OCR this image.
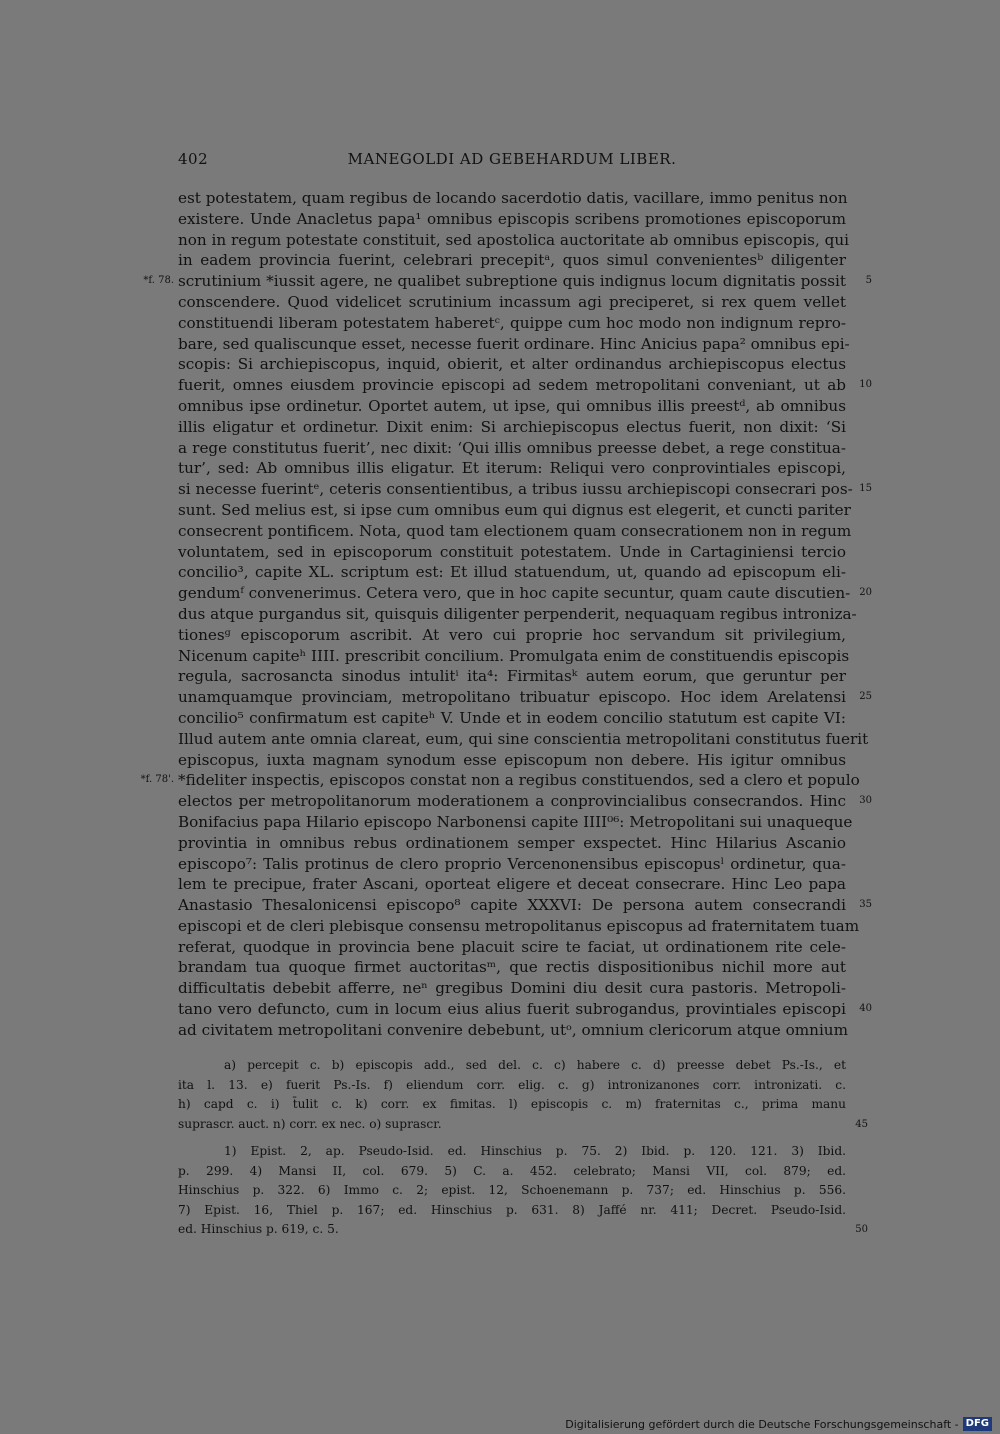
402	MANEGOLDI AD GEBEHARDUM LIBER.
est potestatem, quam regibus de locando sacerdotio datis, vacillare, immo penitus non
existere. Unde Anacletus papa¹ omnibus episcopis scribens promotiones episcoporum
non in regum potestate constituit, sed apostolica auctoritate ab omnibus episcopis, qui
in eadem provincia fuerint, celebrari precepitᵃ, quos simul convenientesᵇ diligenter
scrutinium *iussit agere, ne qualibet subreptione quis indignus locum dignitatis possit	5
*f. 78.
conscendere. Quod videlicet scrutinium incassum agi preciperet, si rex quem vellet
constituendi liberam potestatem haberetᶜ, quippe cum hoc modo non indignum repro-
bare, sed qualiscunque esset, necesse fuerit ordinare. Hinc Anicius papa² omnibus epi-
scopis: Si archiepiscopus, inquid, obierit, et alter ordinandus archiepiscopus electus
fuerit, omnes eiusdem provincie episcopi ad sedem metropolitani conveniant, ut ab	10
omnibus ipse ordinetur. Oportet autem, ut ipse, qui omnibus illis preestᵈ, ab omnibus
illis eligatur et ordinetur. Dixit enim: Si archiepiscopus electus fuerit, non dixit: ‘Si
a rege constitutus fuerit’, nec dixit: ‘Qui illis omnibus preesse debet, a rege constitua-
tur’, sed: Ab omnibus illis eligatur. Et iterum: Reliqui vero conprovintiales episcopi,
si necesse fuerintᵉ, ceteris consentientibus, a tribus iussu archiepiscopi consecrari pos- 15
sunt. Sed melius est, si ipse cum omnibus eum qui dignus est elegerit, et cuncti pariter
consecrent pontificem. Nota, quod tam electionem quam consecrationem non in regum
voluntatem, sed in episcoporum constituit potestatem. Unde in Cartaginiensi tercio
concilio³, capite XL. scriptum est: Et illud statuendum, ut, quando ad episcopum eli-
gendumᶠ convenerimus. Cetera vero, que in hoc capite secuntur, quam caute discutien- 20
dus atque purgandus sit, quisquis diligenter perpenderit, nequaquam regibus introniza-
tionesᵍ episcoporum ascribit. At vero cui proprie hoc servandum sit privilegium,
Nicenum capiteʰ IIII. prescribit concilium. Promulgata enim de constituendis episcopis
regula, sacrosancta sinodus intulitⁱ ita⁴: Firmitasᵏ autem eorum, que geruntur per
unamquamque provinciam, metropolitano tribuatur episcopo. Hoc idem Arelatensi	25
concilio⁵ confirmatum est capiteʰ V. Unde et in eodem concilio statutum est capite VI:
Illud autem ante omnia clareat, eum, qui sine conscientia metropolitani constitutus fuerit
episcopus, iuxta magnam synodum esse episcopum non debere. His igitur omnibus
*fideliter inspectis, episcopos constat non a regibus constituendos, sed a clero et populo
*f. 78'.
electos per metropolitanorum moderationem a conprovincialibus consecrandos. Hinc	30
Bonifacius papa Hilario episcopo Narbonensi capite IIII⁰⁶: Metropolitani sui unaqueque
provintia in omnibus rebus ordinationem semper exspectet. Hinc Hilarius Ascanio
episcopo⁷: Talis protinus de clero proprio Vercenonensibus episcopusˡ ordinetur, qua-
lem te precipue, frater Ascani, oporteat eligere et deceat consecrare. Hinc Leo papa
Anastasio Thesalonicensi episcopo⁸ capite XXXVI: De persona autem consecrandi	35
episcopi et de cleri plebisque consensu metropolitanus episcopus ad fraternitatem tuam
referat, quodque in provincia bene placuit scire te faciat, ut ordinationem rite cele-
brandam tua quoque firmet auctoritasᵐ, que rectis dispositionibus nichil more aut
difficultatis debebit afferre, neⁿ gregibus Domini diu desit cura pastoris. Metropoli-
tano vero defuncto, cum in locum eius alius fuerit subrogandus, provintiales episcopi	40
ad civitatem metropolitani convenire debebunt, utᵒ, omnium clericorum atque omnium
a) percepit c. b) episcopis add., sed del. c. c) habere c. d) preesse debet Ps.-Is., et
ita l. 13. e) fuerit Ps.-Is. f) eliendum corr. elig. c. g) intronizanones corr. intronizati. c.
h) capd c. i) t̄ulit c. k) corr. ex fimitas. l) episcopis c. m) fraternitas c., prima manu
suprascr. auct. n) corr. ex nec. o) suprascr.	45
1) Epist. 2, ap. Pseudo-Isid. ed. Hinschius p. 75. 2) Ibid. p. 120. 121. 3) Ibid.
p. 299. 4) Mansi II, col. 679. 5) C. a. 452. celebrato; Mansi VII, col. 879; ed.
Hinschius p. 322. 6) Immo c. 2; epist. 12, Schoenemann p. 737; ed. Hinschius p. 556.
7) Epist. 16, Thiel p. 167; ed. Hinschius p. 631. 8) Jaffé nr. 411; Decret. Pseudo-Isid.
ed. Hinschius p. 619, c. 5.	50
Digitalisierung gefördert durch die Deutsche Forschungsgemeinschaft - DFG
